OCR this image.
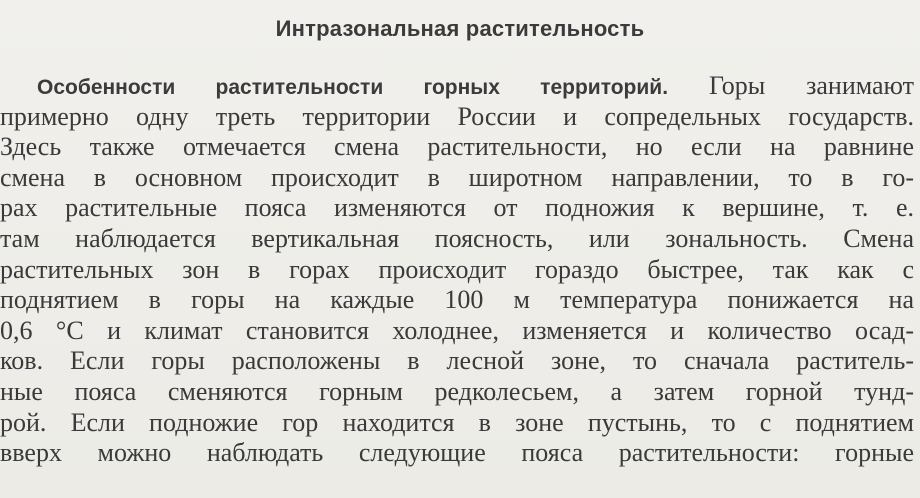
Интразональная растительность
Особенности растительности горных территорий. Горы занимают
примерно одну треть территории России и сопредельных государств.
Здесь также отмечается смена растительности, но если на равнине
смена в основном происходит в широтном направлении, то в го-
рах растительные пояса изменяются от подножия к вершине, т. е.
там наблюдается вертикальная поясность, или зональность. Смена
растительных зон в горах происходит гораздо быстрее, так как с
поднятием в горы на каждые 100 м температура понижается на
0,6 °С и климат становится холоднее, изменяется и количество осад-
ков. Если горы расположены в лесной зоне, то сначала раститель-
ные пояса сменяются горным редколесьем, а затем горной тунд-
рой. Если подножие гор находится в зоне пустынь, то с поднятием
вверх можно наблюдать следующие пояса растительности: горные
